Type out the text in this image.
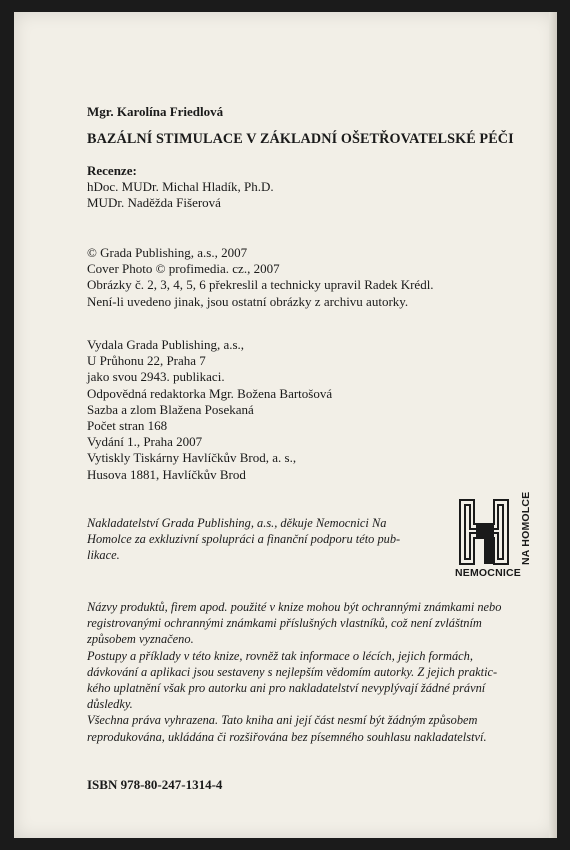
Mgr. Karolína Friedlová
BAZÁLNÍ STIMULACE V ZÁKLADNÍ OŠETŘOVATELSKÉ PÉČI
Recenze:
hDoc. MUDr. Michal Hladík, Ph.D.
MUDr. Naděžda Fišerová
© Grada Publishing, a.s., 2007
Cover Photo © profimedia. cz., 2007
Obrázky č. 2, 3, 4, 5, 6 překreslil a technicky upravil Radek Krédl.
Není-li uvedeno jinak, jsou ostatní obrázky z archivu autorky.
Vydala Grada Publishing, a.s.,
U Průhonu 22, Praha 7
jako svou 2943. publikaci.
Odpovědná redaktorka Mgr. Božena Bartošová
Sazba a zlom Blažena Posekaná
Počet stran 168
Vydání 1., Praha 2007
Vytiskly Tiskárny Havlíčkův Brod, a. s.,
Husova 1881, Havlíčkův Brod
Nakladatelství Grada Publishing, a.s., děkuje Nemocnici Na
Homolce za exkluzivní spolupráci a finanční podporu této pub-
likace.
NEMOCNICE
NA HOMOLCE
Názvy produktů, firem apod. použité v knize mohou být ochrannými známkami nebo
registrovanými ochrannými známkami příslušných vlastníků, což není zvláštním
způsobem vyznačeno.
Postupy a příklady v této knize, rovněž tak informace o lécích, jejich formách,
dávkování a aplikaci jsou sestaveny s nejlepším vědomím autorky. Z jejich praktic-
kého uplatnění však pro autorku ani pro nakladatelství nevyplývají žádné právní
důsledky.
Všechna práva vyhrazena. Tato kniha ani její část nesmí být žádným způsobem
reprodukována, ukládána či rozšiřována bez písemného souhlasu nakladatelství.
ISBN 978-80-247-1314-4
